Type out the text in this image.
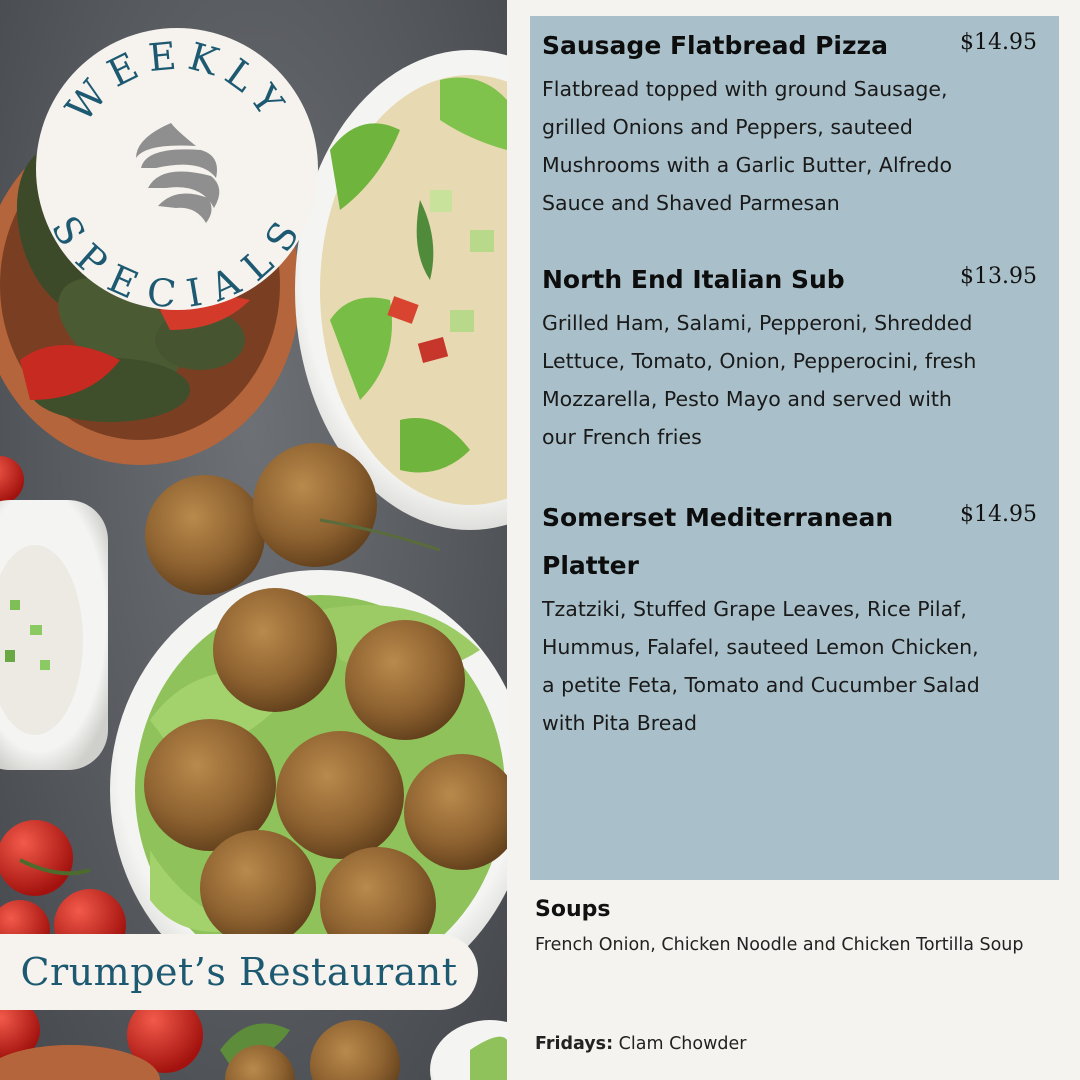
WEEKLY
SPECIALS
Crumpet’s Restaurant
Sausage Flatbread Pizza	$14.95
Flatbread topped with ground Sausage, grilled Onions and Peppers, sauteed Mushrooms with a Garlic Butter, Alfredo Sauce and Shaved Parmesan
North End Italian Sub	$13.95
Grilled Ham, Salami, Pepperoni, Shredded Lettuce, Tomato, Onion, Pepperocini, fresh Mozzarella, Pesto Mayo and served with our French fries
Somerset Mediterranean Platter
$14.95
Tzatziki, Stuffed Grape Leaves, Rice Pilaf, Hummus, Falafel, sauteed Lemon Chicken, a petite Feta, Tomato and Cucumber Salad with Pita Bread
Soups
French Onion, Chicken Noodle and Chicken Tortilla Soup
Fridays: Clam Chowder
